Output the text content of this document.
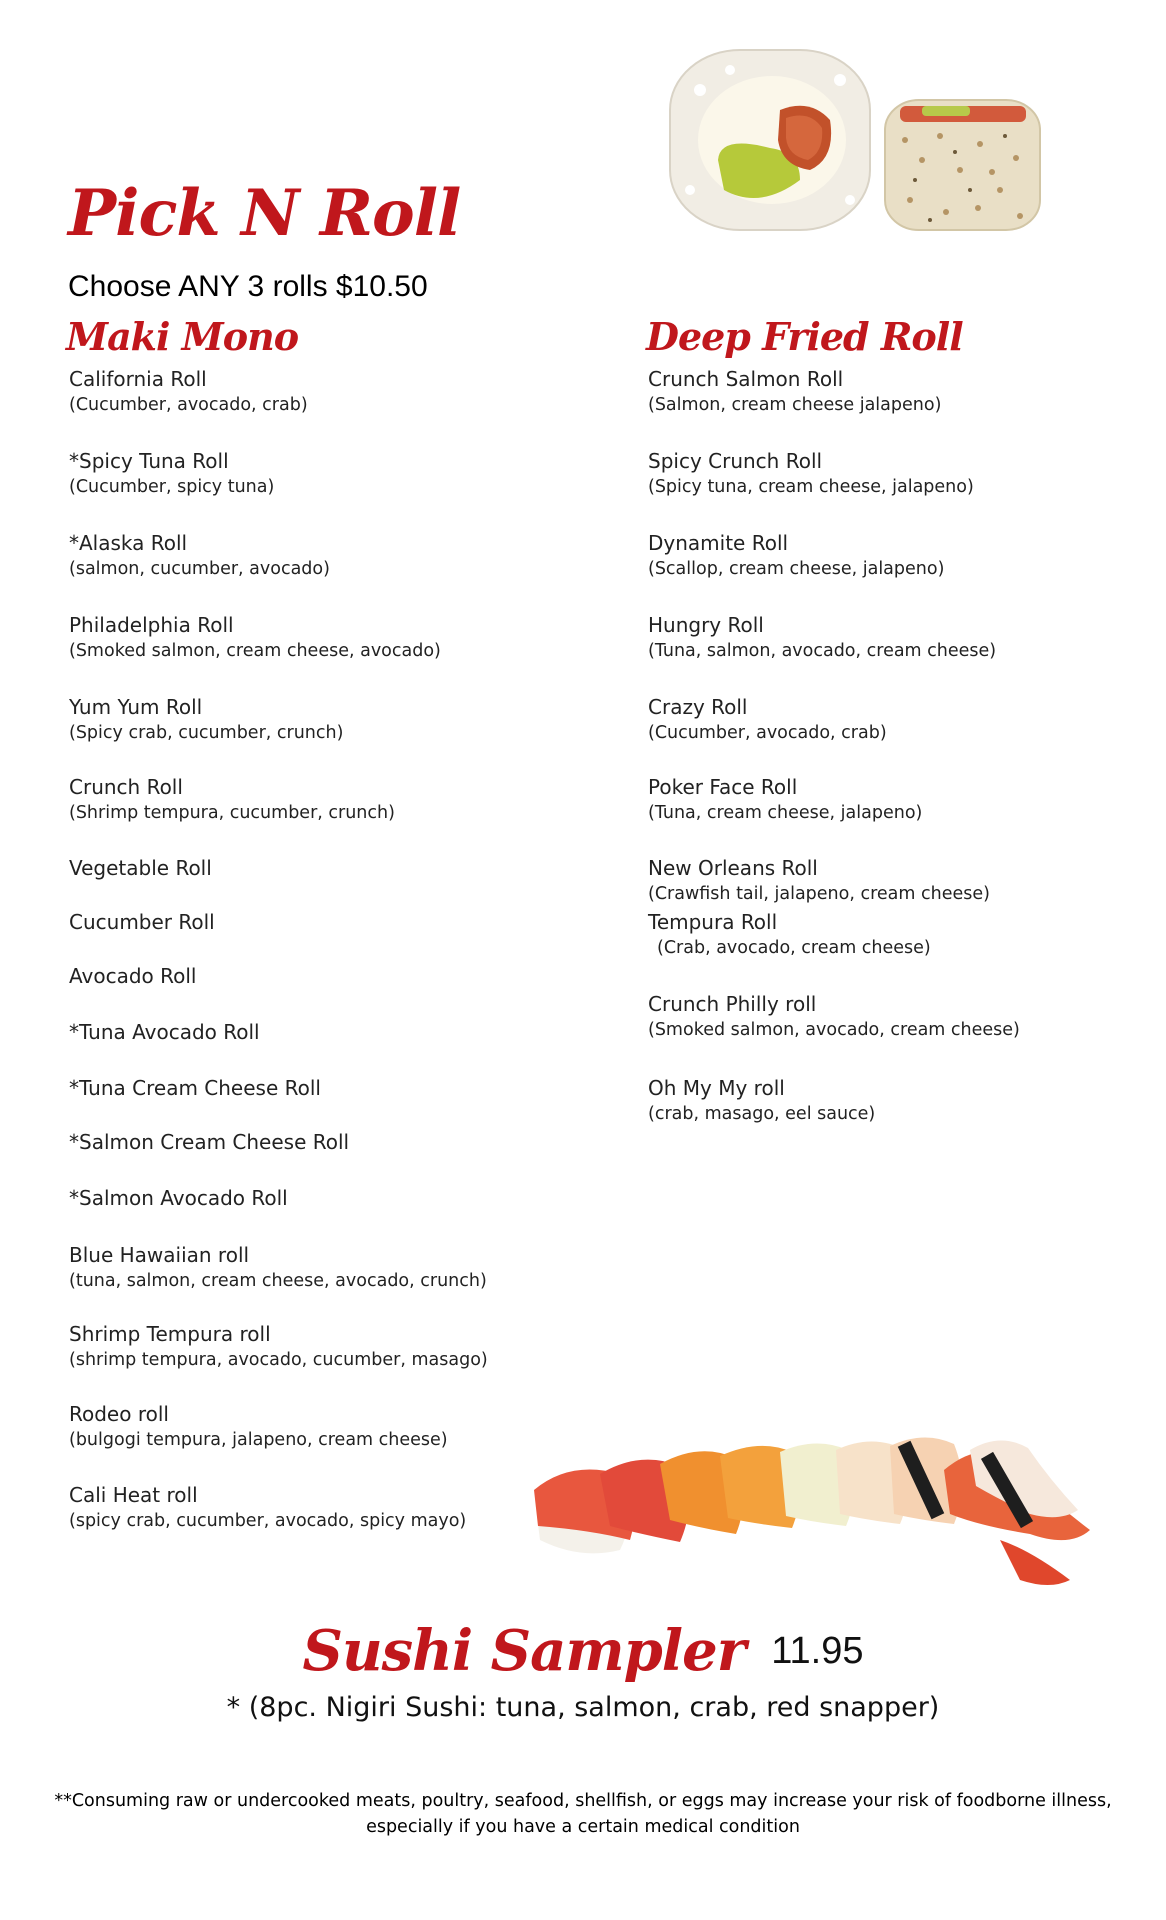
Pick N Roll
Choose ANY 3 rolls $10.50
Maki Mono	Deep Fried Roll
California Roll
(Cucumber, avocado, crab)
*Spicy Tuna Roll
(Cucumber, spicy tuna)
*Alaska Roll
(salmon, cucumber, avocado)
Philadelphia Roll
(Smoked salmon, cream cheese, avocado)
Yum Yum Roll
(Spicy crab, cucumber, crunch)
Crunch Roll
(Shrimp tempura, cucumber, crunch)
Vegetable Roll
Cucumber Roll
Avocado Roll
*Tuna Avocado Roll
*Tuna Cream Cheese Roll
*Salmon Cream Cheese Roll
*Salmon Avocado Roll
Blue Hawaiian roll
(tuna, salmon, cream cheese, avocado, crunch)
Shrimp Tempura roll
(shrimp tempura, avocado, cucumber, masago)
Rodeo roll
(bulgogi tempura, jalapeno, cream cheese)
Cali Heat roll
(spicy crab, cucumber, avocado, spicy mayo)
Crunch Salmon Roll
(Salmon, cream cheese jalapeno)
Spicy Crunch Roll
(Spicy tuna, cream cheese, jalapeno)
Dynamite Roll
(Scallop, cream cheese, jalapeno)
Hungry Roll
(Tuna, salmon, avocado, cream cheese)
Crazy Roll
(Cucumber, avocado, crab)
Poker Face Roll
(Tuna, cream cheese, jalapeno)
New Orleans Roll
(Crawfish tail, jalapeno, cream cheese)
Tempura Roll
(Crab, avocado, cream cheese)
Crunch Philly roll
(Smoked salmon, avocado, cream cheese)
Oh My My roll
(crab, masago, eel sauce)
Sushi Sampler 11.95
* (8pc. Nigiri Sushi: tuna, salmon, crab, red snapper)
**Consuming raw or undercooked meats, poultry, seafood, shellfish, or eggs may increase your risk of foodborne illness,
especially if you have a certain medical condition
